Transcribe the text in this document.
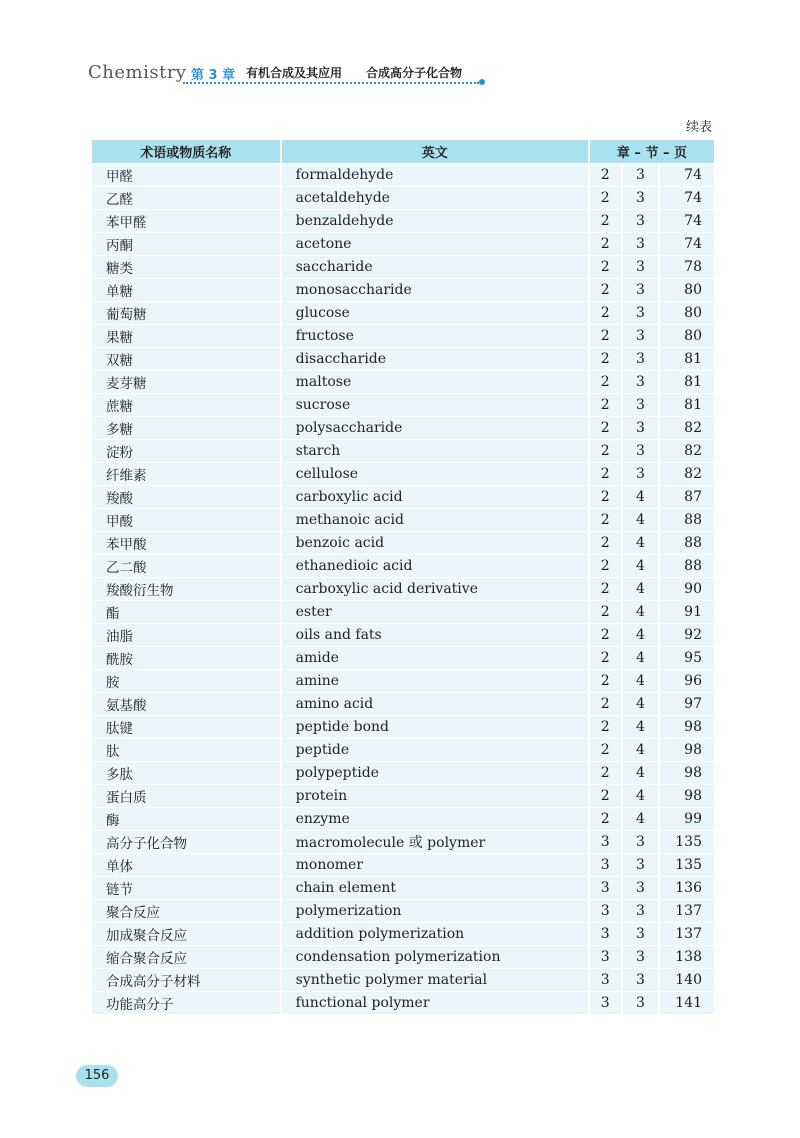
Chemistry 第 3 章 有机合成及其应用 合成高分子化合物
续表
术语或物质名称	英文	章 – 节 – 页		
甲醛	formaldehyde	2	3	74
乙醛	acetaldehyde	2	3	74
苯甲醛	benzaldehyde	2	3	74
丙酮	acetone	2	3	74
糖类	saccharide	2	3	78
单糖	monosaccharide	2	3	80
葡萄糖	glucose	2	3	80
果糖	fructose	2	3	80
双糖	disaccharide	2	3	81
麦芽糖	maltose	2	3	81
蔗糖	sucrose	2	3	81
多糖	polysaccharide	2	3	82
淀粉	starch	2	3	82
纤维素	cellulose	2	3	82
羧酸	carboxylic acid	2	4	87
甲酸	methanoic acid	2	4	88
苯甲酸	benzoic acid	2	4	88
乙二酸	ethanedioic acid	2	4	88
羧酸衍生物	carboxylic acid derivative	2	4	90
酯	ester	2	4	91
油脂	oils and fats	2	4	92
酰胺	amide	2	4	95
胺	amine	2	4	96
氨基酸	amino acid	2	4	97
肽键	peptide bond	2	4	98
肽	peptide	2	4	98
多肽	polypeptide	2	4	98
蛋白质	protein	2	4	98
酶	enzyme	2	4	99
高分子化合物	macromolecule 或 polymer	3	3	135
单体	monomer	3	3	135
链节	chain element	3	3	136
聚合反应	polymerization	3	3	137
加成聚合反应	addition polymerization	3	3	137
缩合聚合反应	condensation polymerization	3	3	138
合成高分子材料	synthetic polymer material	3	3	140
功能高分子	functional polymer	3	3	141
156
